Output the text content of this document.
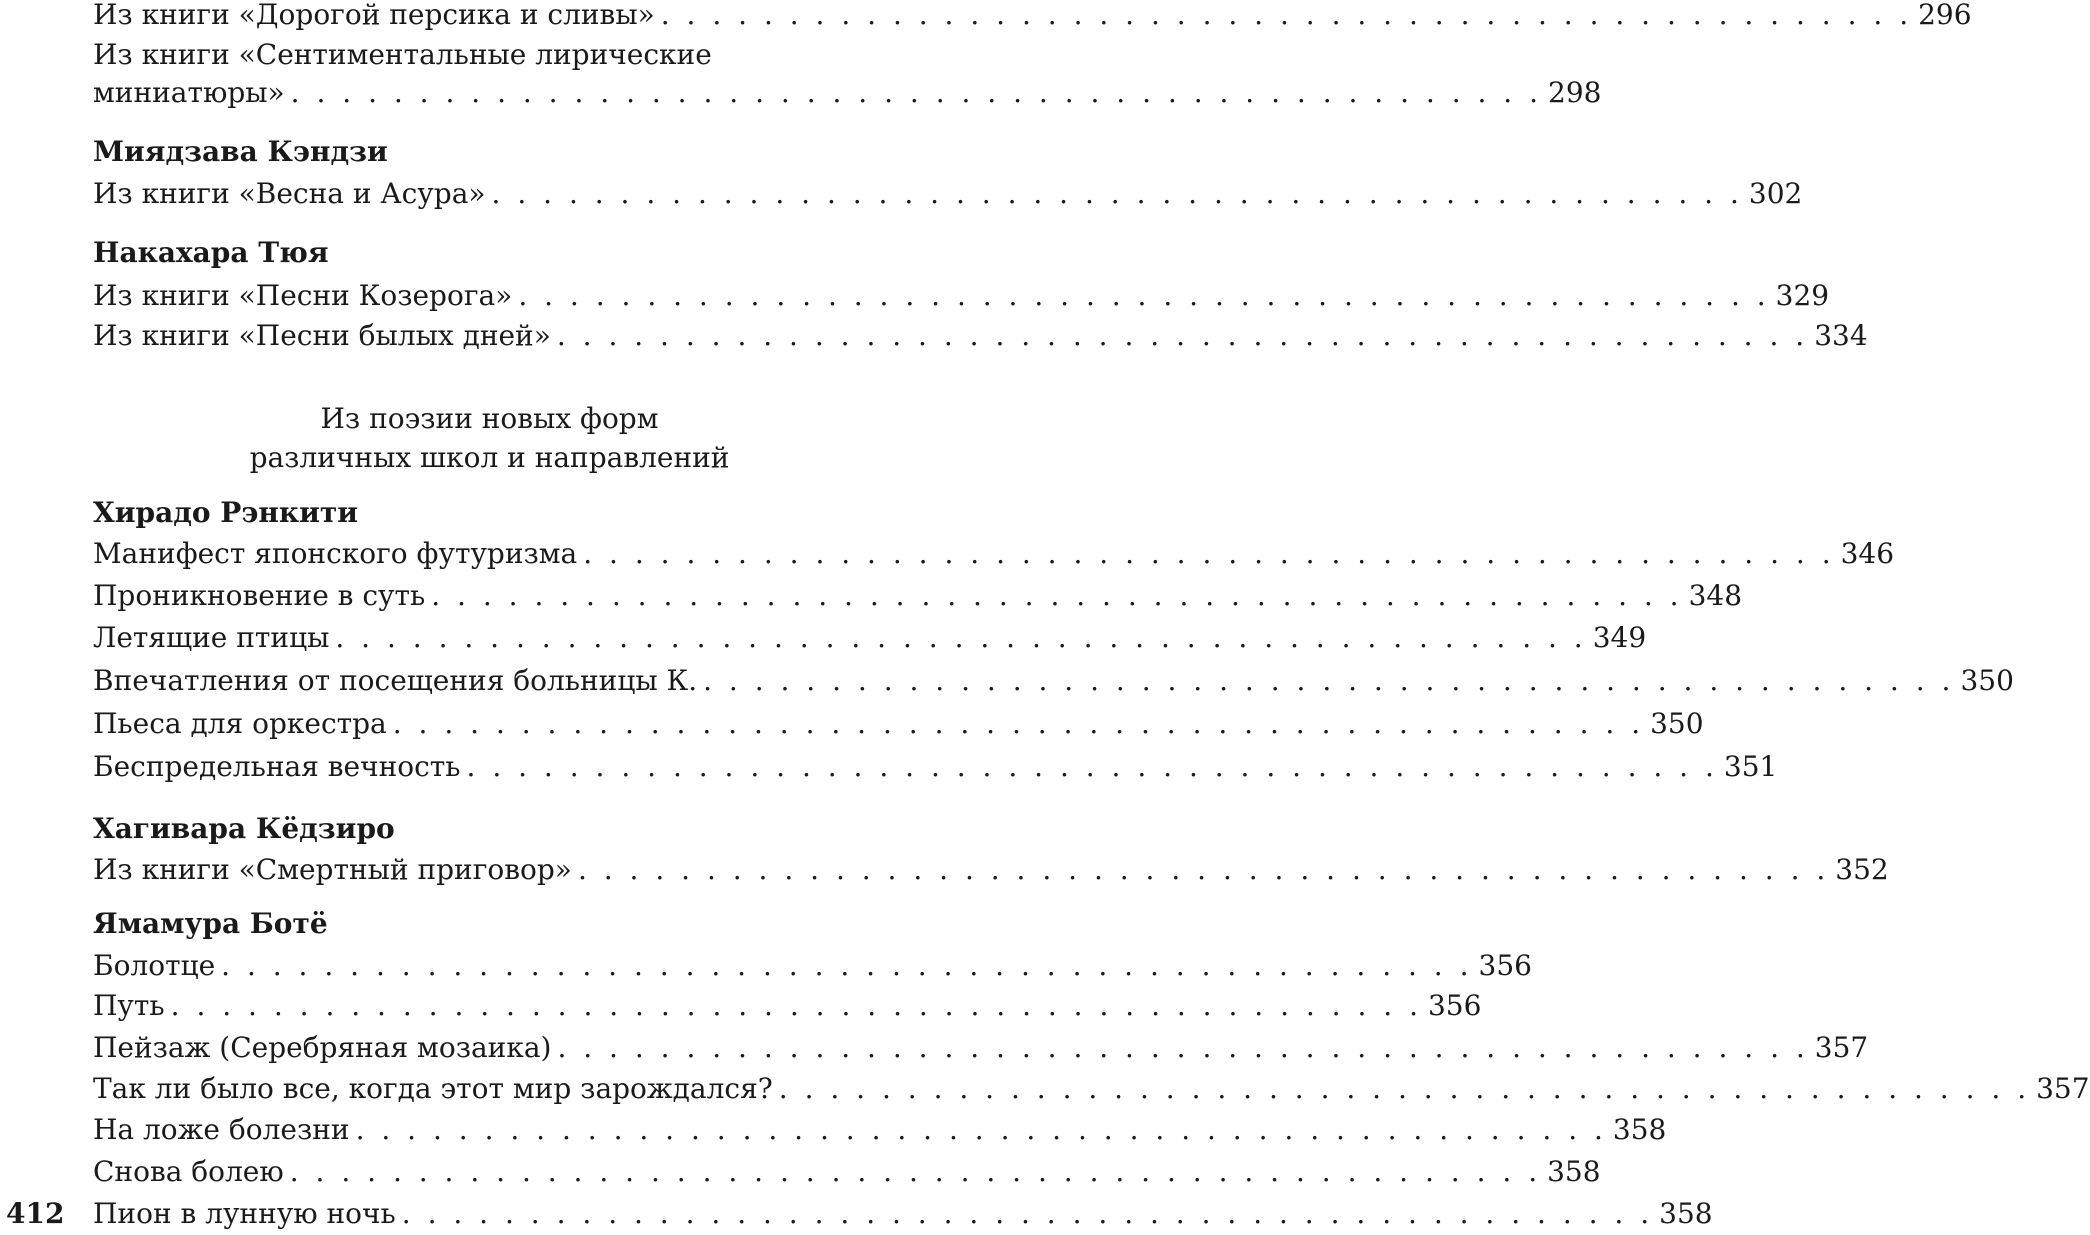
Из книги «Дорогой персика и сливы» . . . . . . . . . . . . . . . . . . . . . . . . . . . . . . . . . . . . . . . . . . . . . . . . . 296
Из книги «Сентиментальные лирические
миниатюры» . . . . . . . . . . . . . . . . . . . . . . . . . . . . . . . . . . . . . . . . . . . . . . . . . 298
Миядзава Кэндзи
Из книги «Весна и Асура» . . . . . . . . . . . . . . . . . . . . . . . . . . . . . . . . . . . . . . . . . . . . . . . . . 302
Накахара Тюя
Из книги «Песни Козерога» . . . . . . . . . . . . . . . . . . . . . . . . . . . . . . . . . . . . . . . . . . . . . . . . . 329
Из книги «Песни былых дней» . . . . . . . . . . . . . . . . . . . . . . . . . . . . . . . . . . . . . . . . . . . . . . . . . 334
Из поэзии новых форм
различных школ и направлений
Хирадо Рэнкити
Манифест японского футуризма . . . . . . . . . . . . . . . . . . . . . . . . . . . . . . . . . . . . . . . . . . . . . . . . . 346
Проникновение в суть . . . . . . . . . . . . . . . . . . . . . . . . . . . . . . . . . . . . . . . . . . . . . . . . . 348
Летящие птицы . . . . . . . . . . . . . . . . . . . . . . . . . . . . . . . . . . . . . . . . . . . . . . . . . 349
Впечатления от посещения больницы К. . . . . . . . . . . . . . . . . . . . . . . . . . . . . . . . . . . . . . . . . . . . . . . . . . 350
Пьеса для оркестра . . . . . . . . . . . . . . . . . . . . . . . . . . . . . . . . . . . . . . . . . . . . . . . . . 350
Беспредельная вечность . . . . . . . . . . . . . . . . . . . . . . . . . . . . . . . . . . . . . . . . . . . . . . . . . 351
Хагивара Кёдзиро
Из книги «Смертный приговор» . . . . . . . . . . . . . . . . . . . . . . . . . . . . . . . . . . . . . . . . . . . . . . . . . 352
Ямамура Ботё
Болотце . . . . . . . . . . . . . . . . . . . . . . . . . . . . . . . . . . . . . . . . . . . . . . . . . 356
Путь . . . . . . . . . . . . . . . . . . . . . . . . . . . . . . . . . . . . . . . . . . . . . . . . . 356
Пейзаж (Серебряная мозаика) . . . . . . . . . . . . . . . . . . . . . . . . . . . . . . . . . . . . . . . . . . . . . . . . . 357
Так ли было все, когда этот мир зарождался? . . . . . . . . . . . . . . . . . . . . . . . . . . . . . . . . . . . . . . . . . . . . . . . . . 357
На ложе болезни . . . . . . . . . . . . . . . . . . . . . . . . . . . . . . . . . . . . . . . . . . . . . . . . . 358
Снова болею . . . . . . . . . . . . . . . . . . . . . . . . . . . . . . . . . . . . . . . . . . . . . . . . . 358
Пион в лунную ночь . . . . . . . . . . . . . . . . . . . . . . . . . . . . . . . . . . . . . . . . . . . . . . . . . 358
412
